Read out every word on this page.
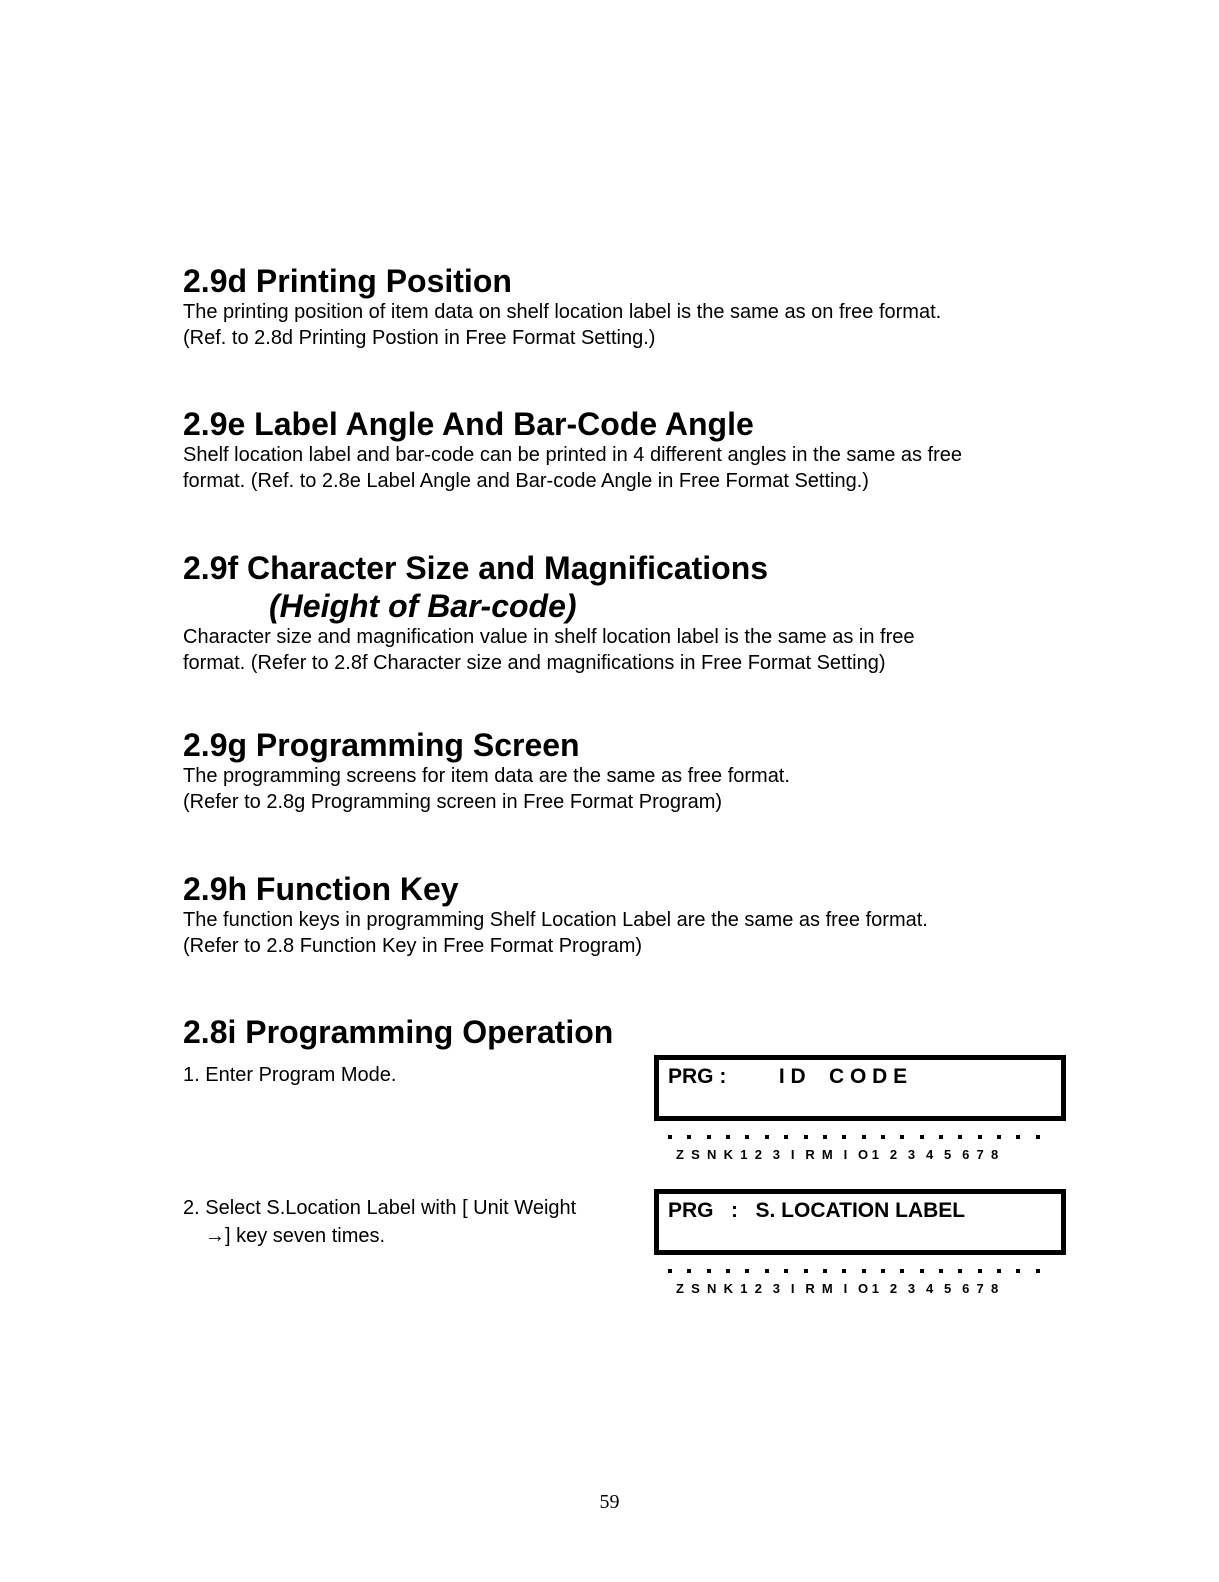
2.9d Printing Position

The printing position of item data on shelf location label is the same as on free format.

(Ref. to 2.8d Printing Postion in Free Format Setting.)

2.9e Label Angle And Bar-Code Angle

Shelf location label and bar-code can be printed in 4 different angles in the same as free

format. (Ref. to 2.8e Label Angle and Bar-code Angle in Free Format Setting.)

2.9f Character Size and Magnifications
(Height of Bar-code)

Character size and magnification value in shelf location label is the same as in free

format. (Refer to 2.8f Character size and magnifications in Free Format Setting)

2.9g Programming Screen

The programming screens for item data are the same as free format.

(Refer to 2.8g Programming screen in Free Format Program)

2.9h Function Key

The function keys in programming Shelf Location Label are the same as free format.

(Refer to 2.8 Function Key in Free Format Program)

2.8i Programming Operation
1. Enter Program Mode.	PRG :         I D    C O D E
Z  S  N  K  1  2   3   I   R  M   I   O 1   2   3   4   5   6  7  8
2. Select S.Location Label with [ Unit Weight
→] key seven times.
PRG   :   S. LOCATION LABEL
Z  S  N  K  1  2   3   I   R  M   I   O 1   2   3   4   5   6  7  8
59
